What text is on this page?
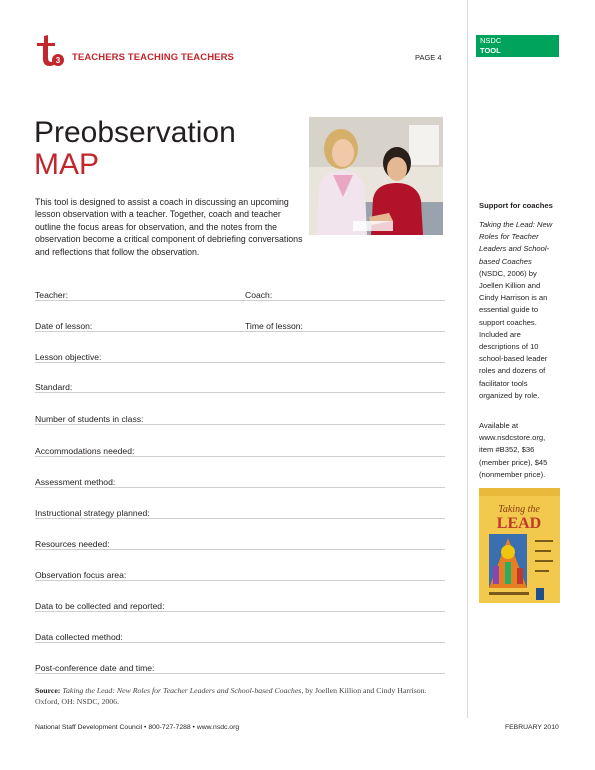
3 TEACHERS TEACHING TEACHERS	PAGE 4
NSDC
TOOL
Preobservation
MAP
This tool is designed to assist a coach in discussing an upcoming lesson observation with a teacher. Together, coach and teacher outline the focus areas for observation, and the notes from the observation become a critical component of debriefing conversations and reflections that follow the observation.
Teacher:	Coach:
Date of lesson:	Time of lesson:
Lesson objective:
Standard:
Number of students in class:
Accommodations needed:
Assessment method:
Instructional strategy planned:
Resources needed:
Observation focus area:
Data to be collected and reported:
Data collected method:
Post-conference date and time:
Source: Taking the Lead: New Roles for Teacher Leaders and School-based Coaches, by Joellen Killion and Cindy Harrison. Oxford, OH: NSDC, 2006.
Support for coaches
Taking the Lead: New Roles for Teacher Leaders and School-based Coaches (NSDC, 2006) by Joellen Killion and Cindy Harrison is an essential guide to support coaches. Included are descriptions of 10 school-based leader roles and dozens of facilitator tools organized by role.
Available at www.nsdcstore.org, item #B352, $36 (member price), $45 (nonmember price).
Taking the
LEAD
National Staff Development Council • 800-727-7288 • www.nsdc.org	FEBRUARY 2010
